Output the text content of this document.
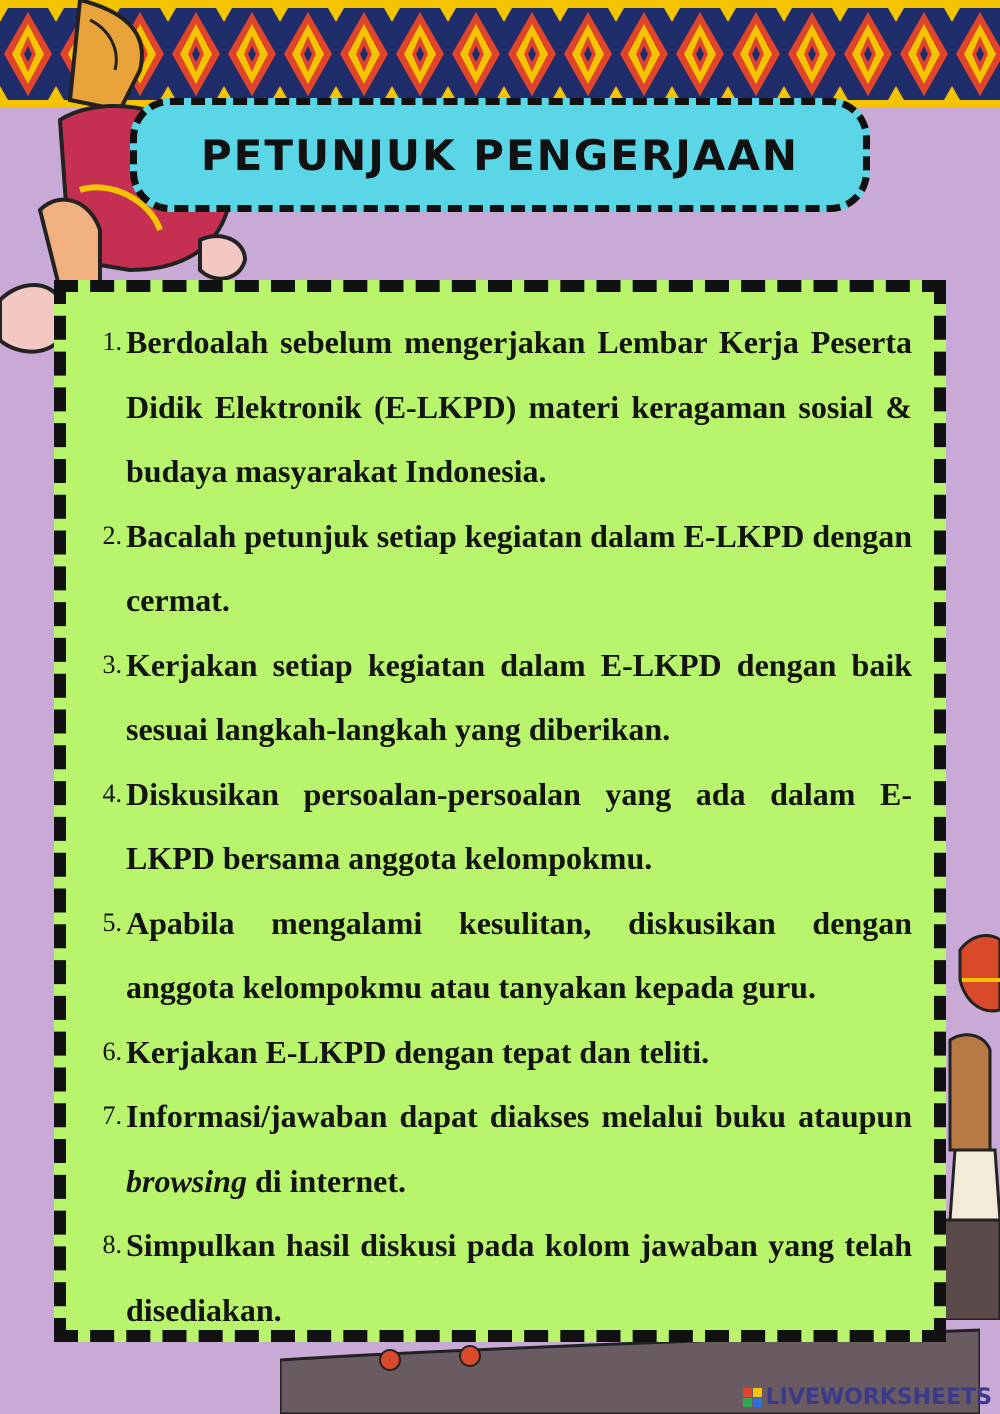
PETUNJUK PENGERJAAN
1. Berdoalah sebelum mengerjakan Lembar Kerja Peserta Didik Elektronik (E-LKPD) materi keragaman sosial & budaya masyarakat Indonesia.
2. Bacalah petunjuk setiap kegiatan dalam E-LKPD dengan cermat.
3. Kerjakan setiap kegiatan dalam E-LKPD dengan baik sesuai langkah-langkah yang diberikan.
4. Diskusikan persoalan-persoalan yang ada dalam E-LKPD bersama anggota kelompokmu.
5. Apabila mengalami kesulitan, diskusikan dengan anggota kelompokmu atau tanyakan kepada guru.
6. Kerjakan E-LKPD dengan tepat dan teliti.
7. Informasi/jawaban dapat diakses melalui buku ataupun browsing di internet.
8. Simpulkan hasil diskusi pada kolom jawaban yang telah disediakan.
LIVEWORKSHEETS
